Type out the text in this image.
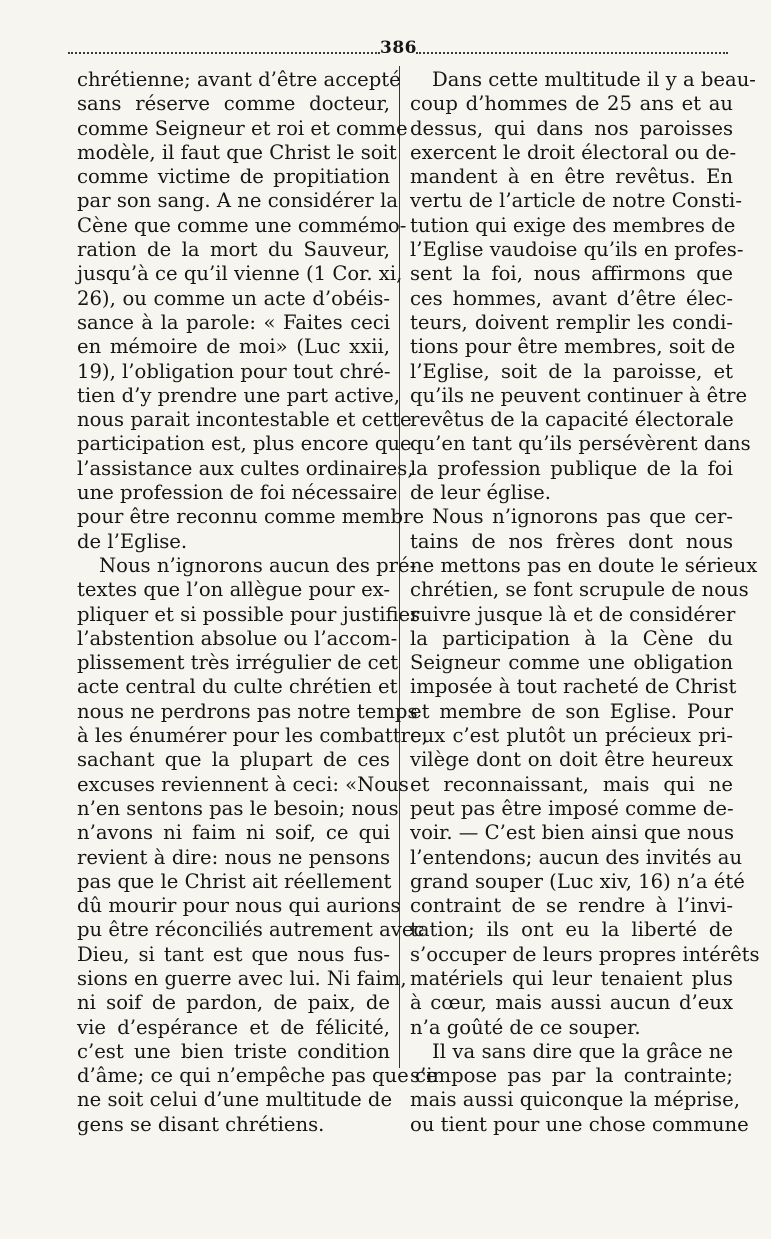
386
chrétienne; avant d’être accepté
sans réserve comme docteur,
comme Seigneur et roi et comme
modèle, il faut que Christ le soit
comme victime de propitiation
par son sang. A ne considérer la
Cène que comme une commémo-
ration de la mort du Sauveur,
jusqu’à ce qu’il vienne (1 Cor. xi,
26), ou comme un acte d’obéis-
sance à la parole: « Faites ceci
en mémoire de moi» (Luc xxii,
19), l’obligation pour tout chré-
tien d’y prendre une part active,
nous parait incontestable et cette
participation est, plus encore que
l’assistance aux cultes ordinaires,
une profession de foi nécessaire
pour être reconnu comme membre
de l’Eglise.
Nous n’ignorons aucun des pré-
textes que l’on allègue pour ex-
pliquer et si possible pour justifier
l’abstention absolue ou l’accom-
plissement très irrégulier de cet
acte central du culte chrétien et
nous ne perdrons pas notre temps
à les énumérer pour les combattre,
sachant que la plupart de ces
excuses reviennent à ceci: «Nous
n’en sentons pas le besoin; nous
n’avons ni faim ni soif, ce qui
revient à dire: nous ne pensons
pas que le Christ ait réellement
dû mourir pour nous qui aurions
pu être réconciliés autrement avec
Dieu, si tant est que nous fus-
sions en guerre avec lui. Ni faim,
ni soif de pardon, de paix, de
vie d’espérance et de félicité,
c’est une bien triste condition
d’âme; ce qui n’empêche pas que ce
ne soit celui d’une multitude de
gens se disant chrétiens.
Dans cette multitude il y a beau-
coup d’hommes de 25 ans et au
dessus, qui dans nos paroisses
exercent le droit électoral ou de-
mandent à en être revêtus. En
vertu de l’article de notre Consti-
tution qui exige des membres de
l’Eglise vaudoise qu’ils en profes-
sent la foi, nous affirmons que
ces hommes, avant d’être élec-
teurs, doivent remplir les condi-
tions pour être membres, soit de
l’Eglise, soit de la paroisse, et
qu’ils ne peuvent continuer à être
revêtus de la capacité électorale
qu’en tant qu’ils persévèrent dans
la profession publique de la foi
de leur église.
Nous n’ignorons pas que cer-
tains de nos frères dont nous
ne mettons pas en doute le sérieux
chrétien, se font scrupule de nous
suivre jusque là et de considérer
la participation à la Cène du
Seigneur comme une obligation
imposée à tout racheté de Christ
et membre de son Eglise. Pour
eux c’est plutôt un précieux pri-
vilège dont on doit être heureux
et reconnaissant, mais qui ne
peut pas être imposé comme de-
voir. — C’est bien ainsi que nous
l’entendons; aucun des invités au
grand souper (Luc xiv, 16) n’a été
contraint de se rendre à l’invi-
tation; ils ont eu la liberté de
s’occuper de leurs propres intérêts
matériels qui leur tenaient plus
à cœur, mais aussi aucun d’eux
n’a goûté de ce souper.
Il va sans dire que la grâce ne
s’impose pas par la contrainte;
mais aussi quiconque la méprise,
ou tient pour une chose commune
